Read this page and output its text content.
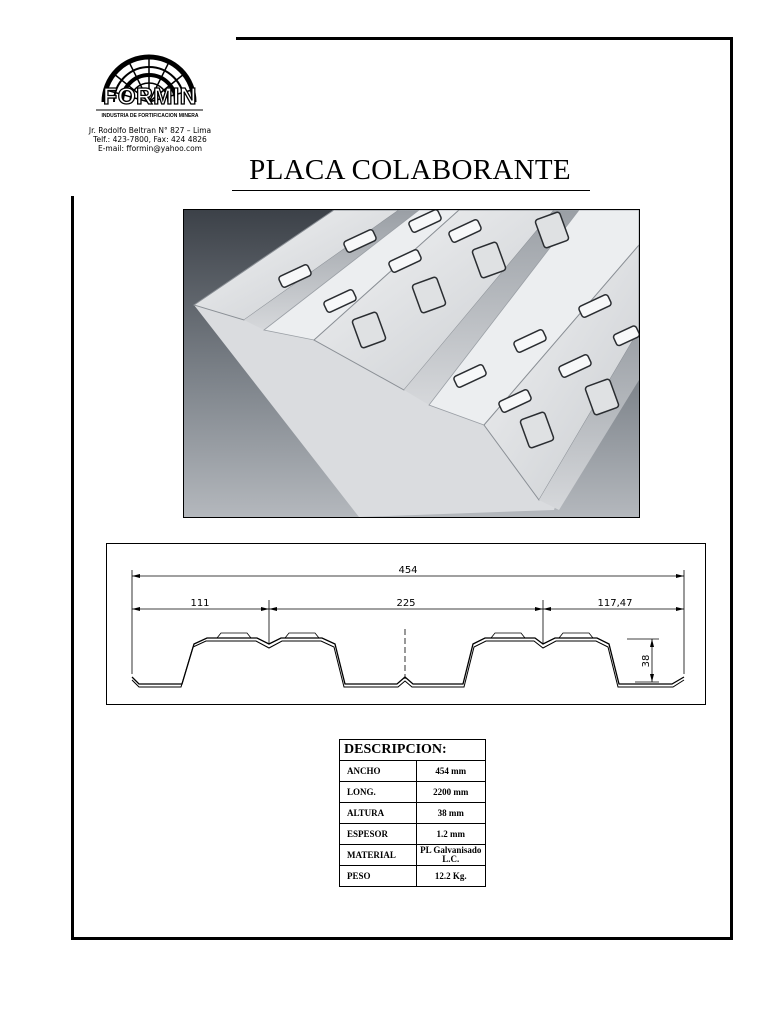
FORMIN
INDUSTRIA DE FORTIFICACION MINERA
Jr. Rodolfo Beltran N° 827 – Lima
Telf.: 423-7800, Fax: 424 4826
E-mail: fformin@yahoo.com
PLACA COLABORANTE
454
111	225	117,47
38
DESCRIPCION:	
ANCHO	454 mm
LONG.	2200 mm
ALTURA	38 mm
ESPESOR	1.2 mm
MATERIAL	PL Galvanisado
L.C.

PESO	12.2 Kg.
